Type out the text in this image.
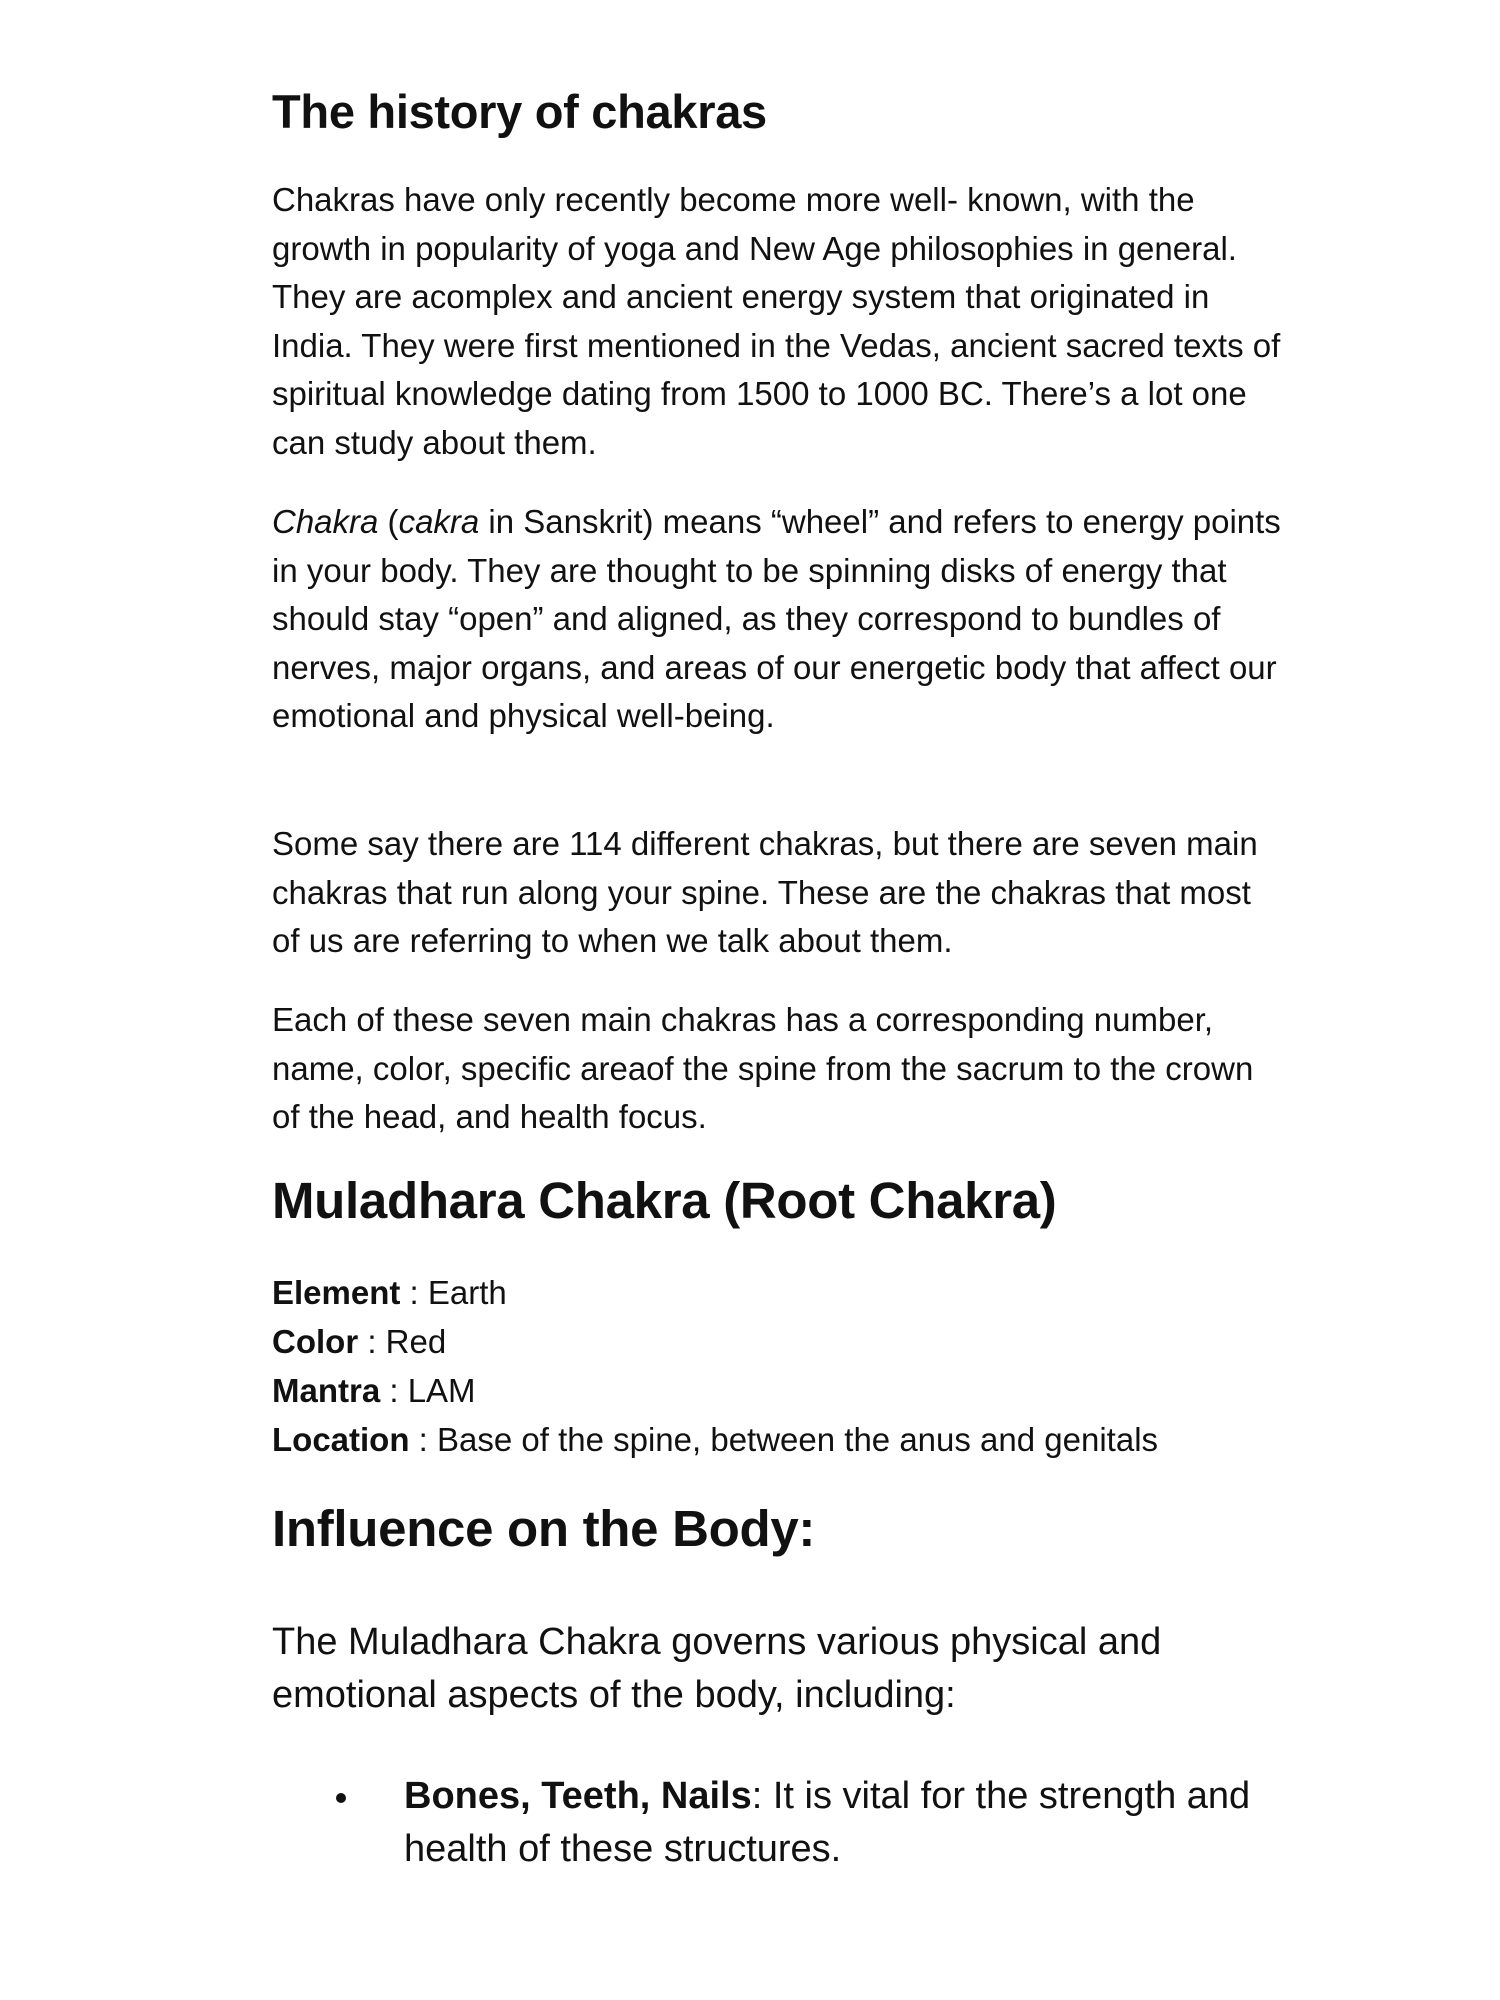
The history of chakras

Chakras have only recently become more well- known, with the growth in popularity of yoga and New Age philosophies in general. They are acomplex and ancient energy system that originated in India. They were first mentioned in the Vedas, ancient sacred texts of spiritual knowledge dating from 1500 to 1000 BC. There’s a lot one can study about them.

Chakra (cakra in Sanskrit) means “wheel” and refers to energy points in your body. They are thought to be spinning disks of energy that should stay “open” and aligned, as they correspond to bundles of nerves, major organs, and areas of our energetic body that affect our emotional and physical well-being.

Some say there are 114 different chakras, but there are seven main chakras that run along your spine. These are the chakras that most of us are referring to when we talk about them.

Each of these seven main chakras has a corresponding number, name, color, specific areaof the spine from the sacrum to the crown of the head, and health focus.

Muladhara Chakra (Root Chakra)
Element : Earth
Color : Red
Mantra : LAM
Location : Base of the spine, between the anus and genitals
Influence on the Body:

The Muladhara Chakra governs various physical and emotional aspects of the body, including:

Bones, Teeth, Nails: It is vital for the strength and health of these structures.
